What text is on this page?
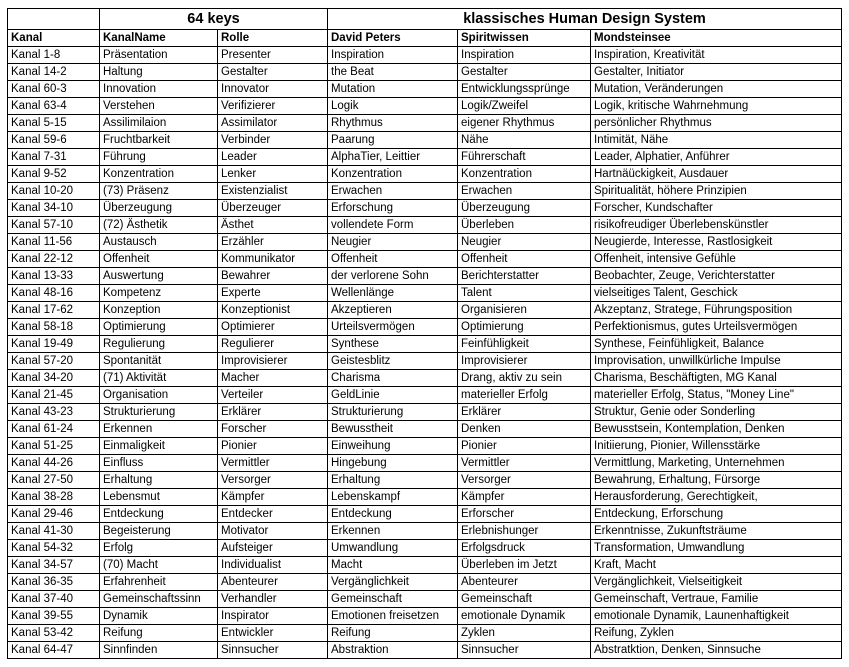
	64 keys		klassisches Human Design System		
Kanal	KanalName	Rolle	David Peters	Spiritwissen	Mondsteinsee
Kanal 1-8	Präsentation	Presenter	Inspiration	Inspiration	Inspiration, Kreativität
Kanal 14-2	Haltung	Gestalter	the Beat	Gestalter	Gestalter, Initiator
Kanal 60-3	Innovation	Innovator	Mutation	Entwicklungssprünge	Mutation, Veränderungen
Kanal 63-4	Verstehen	Verifizierer	Logik	Logik/Zweifel	Logik, kritische Wahrnehmung
Kanal 5-15	Assilimilaion	Assimilator	Rhythmus	eigener Rhythmus	persönlicher Rhythmus
Kanal 59-6	Fruchtbarkeit	Verbinder	Paarung	Nähe	Intimität, Nähe
Kanal 7-31	Führung	Leader	AlphaTier, Leittier	Führerschaft	Leader, Alphatier, Anführer
Kanal 9-52	Konzentration	Lenker	Konzentration	Konzentration	Hartnäückigkeit, Ausdauer
Kanal 10-20	(73) Präsenz	Existenzialist	Erwachen	Erwachen	Spiritualität, höhere Prinzipien
Kanal 34-10	Überzeugung	Überzeuger	Erforschung	Überzeugung	Forscher, Kundschafter
Kanal 57-10	(72) Ästhetik	Ästhet	vollendete Form	Überleben	risikofreudiger Überlebenskünstler
Kanal 11-56	Austausch	Erzähler	Neugier	Neugier	Neugierde, Interesse, Rastlosigkeit
Kanal 22-12	Offenheit	Kommunikator	Offenheit	Offenheit	Offenheit, intensive Gefühle
Kanal 13-33	Auswertung	Bewahrer	der verlorene Sohn	Berichterstatter	Beobachter, Zeuge, Verichterstatter
Kanal 48-16	Kompetenz	Experte	Wellenlänge	Talent	vielseitiges Talent, Geschick
Kanal 17-62	Konzeption	Konzeptionist	Akzeptieren	Organisieren	Akzeptanz, Stratege, Führungsposition
Kanal 58-18	Optimierung	Optimierer	Urteilsvermögen	Optimierung	Perfektionismus, gutes Urteilsvermögen
Kanal 19-49	Regulierung	Regulierer	Synthese	Feinfühligkeit	Synthese, Feinfühligkeit, Balance
Kanal 57-20	Spontanität	Improvisierer	Geistesblitz	Improvisierer	Improvisation, unwillkürliche Impulse
Kanal 34-20	(71) Aktivität	Macher	Charisma	Drang, aktiv zu sein	Charisma, Beschäftigten, MG Kanal
Kanal 21-45	Organisation	Verteiler	GeldLinie	materieller Erfolg	materieller Erfolg, Status, "Money Line"
Kanal 43-23	Strukturierung	Erklärer	Strukturierung	Erklärer	Struktur, Genie oder Sonderling
Kanal 61-24	Erkennen	Forscher	Bewusstheit	Denken	Bewusstsein, Kontemplation, Denken
Kanal 51-25	Einmaligkeit	Pionier	Einweihung	Pionier	Initiierung, Pionier, Willensstärke
Kanal 44-26	Einfluss	Vermittler	Hingebung	Vermittler	Vermittlung, Marketing, Unternehmen
Kanal 27-50	Erhaltung	Versorger	Erhaltung	Versorger	Bewahrung, Erhaltung, Fürsorge
Kanal 38-28	Lebensmut	Kämpfer	Lebenskampf	Kämpfer	Herausforderung, Gerechtigkeit,
Kanal 29-46	Entdeckung	Entdecker	Entdeckung	Erforscher	Entdeckung, Erforschung
Kanal 41-30	Begeisterung	Motivator	Erkennen	Erlebnishunger	Erkenntnisse, Zukunftsträume
Kanal 54-32	Erfolg	Aufsteiger	Umwandlung	Erfolgsdruck	Transformation, Umwandlung
Kanal 34-57	(70) Macht	Individualist	Macht	Überleben im Jetzt	Kraft, Macht
Kanal 36-35	Erfahrenheit	Abenteurer	Vergänglichkeit	Abenteurer	Vergänglichkeit, Vielseitigkeit
Kanal 37-40	Gemeinschaftssinn	Verhandler	Gemeinschaft	Gemeinschaft	Gemeinschaft, Vertraue, Familie
Kanal 39-55	Dynamik	Inspirator	Emotionen freisetzen	emotionale Dynamik	emotionale Dynamik, Launenhaftigkeit
Kanal 53-42	Reifung	Entwickler	Reifung	Zyklen	Reifung, Zyklen
Kanal 64-47	Sinnfinden	Sinnsucher	Abstraktion	Sinnsucher	Abstratktion, Denken, Sinnsuche
